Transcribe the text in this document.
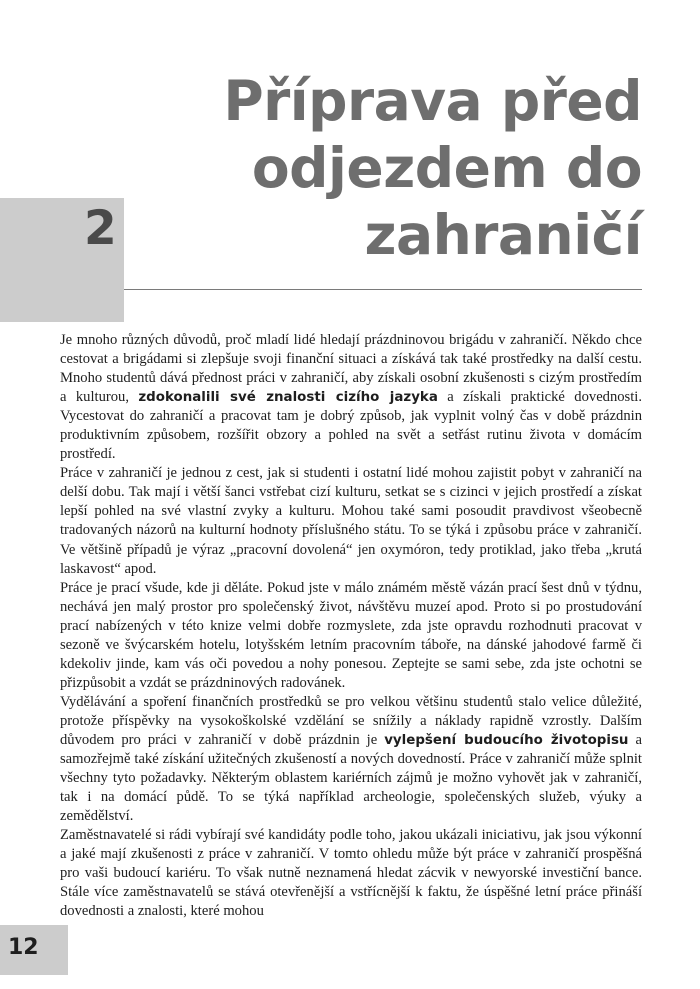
2
Příprava před
odjezdem do
zahraničí

Je mnoho různých důvodů, proč mladí lidé hledají prázdninovou brigádu v zahraničí. Někdo chce cestovat a brigádami si zlepšuje svoji finanční situaci a získává tak také prostředky na další cestu. Mnoho studentů dává přednost práci v zahraničí, aby získali osobní zkušenosti s cizým prostředím a kulturou, zdokonalili své znalosti cizího jazyka a získali praktické dovednosti. Vycestovat do zahraničí a pracovat tam je dobrý způsob, jak vyplnit volný čas v době prázdnin produktivním způsobem, rozšířit obzory a pohled na svět a setřást rutinu života v domácím prostředí.

Práce v zahraničí je jednou z cest, jak si studenti i ostatní lidé mohou zajistit pobyt v zahraničí na delší dobu. Tak mají i větší šanci vstřebat cizí kulturu, setkat se s cizinci v jejich prostředí a získat lepší pohled na své vlastní zvyky a kulturu. Mohou také sami posoudit pravdivost všeobecně tradovaných názorů na kulturní hodnoty příslušného státu. To se týká i způsobu práce v zahraničí. Ve většině případů je výraz „pracovní dovolená“ jen oxymóron, tedy protiklad, jako třeba „krutá laskavost“ apod.

Práce je prací všude, kde ji děláte. Pokud jste v málo známém městě vázán prací šest dnů v týdnu, nechává jen malý prostor pro společenský život, návštěvu muzeí apod. Proto si po prostudování prací nabízených v této knize velmi dobře rozmyslete, zda jste opravdu rozhodnuti pracovat v sezoně ve švýcarském hotelu, lotyšském letním pracovním táboře, na dánské jahodové farmě či kdekoliv jinde, kam vás oči povedou a nohy ponesou. Zeptejte se sami sebe, zda jste ochotni se přizpůsobit a vzdát se prázdninových radovánek.

Vydělávání a spoření finančních prostředků se pro velkou většinu studentů stalo velice důležité, protože příspěvky na vysokoškolské vzdělání se snížily a náklady rapidně vzrostly. Dalším důvodem pro práci v zahraničí v době prázdnin je vylepšení budoucího životopisu a samozřejmě také získání užitečných zkušeností a nových dovedností. Práce v zahraničí může splnit všechny tyto požadavky. Některým oblastem kariérních zájmů je možno vyhovět jak v zahraničí, tak i na domácí půdě. To se týká například archeologie, společenských služeb, výuky a zemědělství.

Zaměstnavatelé si rádi vybírají své kandidáty podle toho, jakou ukázali iniciativu, jak jsou výkonní a jaké mají zkušenosti z práce v zahraničí. V tomto ohledu může být práce v zahraničí prospěšná pro vaši budoucí kariéru. To však nutně neznamená hledat zácvik v newyorské investiční bance. Stále více zaměstnavatelů se stává otevřenější a vstřícnější k faktu, že úspěšné letní práce přináší dovednosti a znalosti, které mohou

12
